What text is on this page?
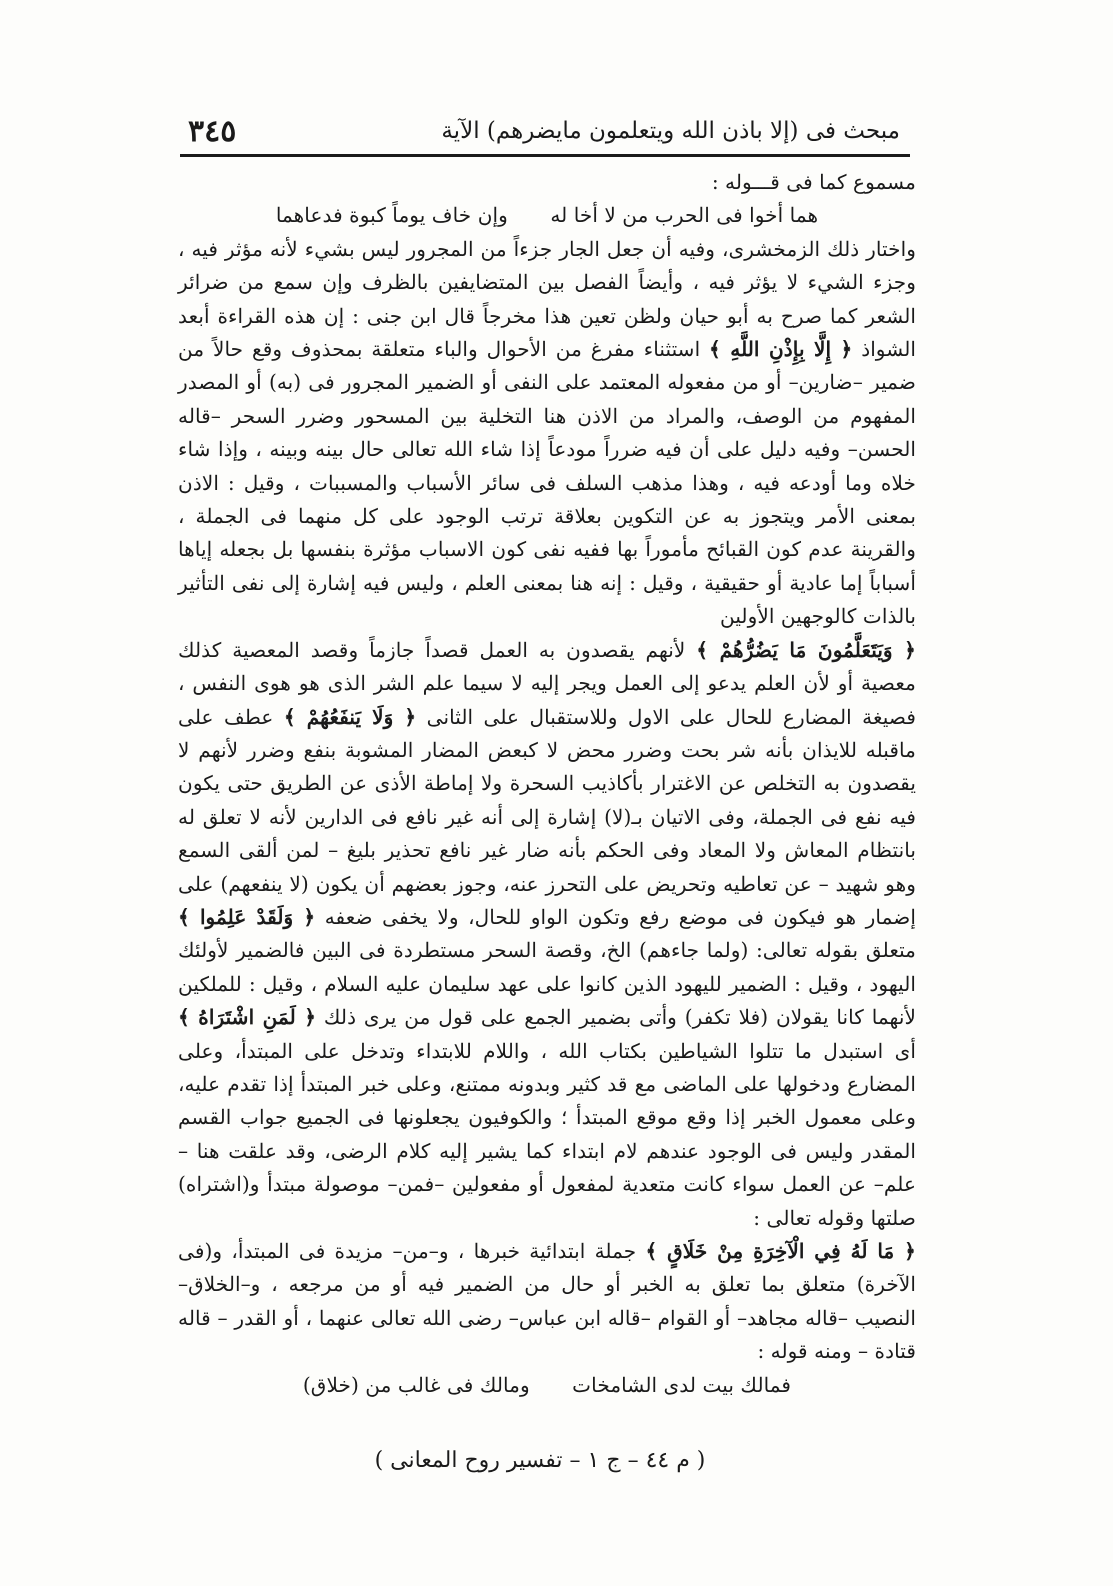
٣٤٥	مبحث فى (إلا باذن الله ويتعلمون مايضرهم) الآية

مسموع كما فى قـــوله :

هما أخوا فى الحرب من لا أخا له وإن خاف يوماً كبوة فدعاهما

واختار ذلك الزمخشرى، وفيه أن جعل الجار جزءاً من المجرور ليس بشيء لأنه مؤثر فيه ، وجزء الشيء لا يؤثر فيه ، وأيضاً الفصل بين المتضايفين بالظرف وإن سمع من ضرائر الشعر كما صرح به أبو حيان ولظن تعين هذا مخرجاً قال ابن جنى : إن هذه القراءة أبعد الشواذ ﴿ إِلَّا بِإِذْنِ اللَّهِ ﴾ استثناء مفرغ من الأحوال والباء متعلقة بمحذوف وقع حالاً من ضمير –ضارين– أو من مفعوله المعتمد على النفى أو الضمير المجرور فى (به) أو المصدر المفهوم من الوصف، والمراد من الاذن هنا التخلية بين المسحور وضرر السحر –قاله الحسن– وفيه دليل على أن فيه ضرراً مودعاً إذا شاء الله تعالى حال بينه وبينه ، وإذا شاء خلاه وما أودعه فيه ، وهذا مذهب السلف فى سائر الأسباب والمسببات ، وقيل : الاذن بمعنى الأمر ويتجوز به عن التكوين بعلاقة ترتب الوجود على كل منهما فى الجملة ، والقرينة عدم كون القبائح مأموراً بها ففيه نفى كون الاسباب مؤثرة بنفسها بل بجعله إياها أسباباً إما عادية أو حقيقية ، وقيل : إنه هنا بمعنى العلم ، وليس فيه إشارة إلى نفى التأثير بالذات كالوجهين الأولين

﴿ وَيَتَعَلَّمُونَ مَا يَضُرُّهُمْ ﴾ لأنهم يقصدون به العمل قصداً جازماً وقصد المعصية كذلك معصية أو لأن العلم يدعو إلى العمل ويجر إليه لا سيما علم الشر الذى هو هوى النفس ، فصيغة المضارع للحال على الاول وللاستقبال على الثانى ﴿ وَلَا يَنفَعُهُمْ ﴾ عطف على ماقبله للايذان بأنه شر بحت وضرر محض لا كبعض المضار المشوبة بنفع وضرر لأنهم لا يقصدون به التخلص عن الاغترار بأكاذيب السحرة ولا إماطة الأذى عن الطريق حتى يكون فيه نفع فى الجملة، وفى الاتيان بـ(لا) إشارة إلى أنه غير نافع فى الدارين لأنه لا تعلق له بانتظام المعاش ولا المعاد وفى الحكم بأنه ضار غير نافع تحذير بليغ – لمن ألقى السمع وهو شهيد – عن تعاطيه وتحريض على التحرز عنه، وجوز بعضهم أن يكون (لا ينفعهم) على إضمار هو فيكون فى موضع رفع وتكون الواو للحال، ولا يخفى ضعفه ﴿ وَلَقَدْ عَلِمُوا ﴾ متعلق بقوله تعالى: (ولما جاءهم) الخ، وقصة السحر مستطردة فى البين فالضمير لأولئك اليهود ، وقيل : الضمير لليهود الذين كانوا على عهد سليمان عليه السلام ، وقيل : للملكين لأنهما كانا يقولان (فلا تكفر) وأتى بضمير الجمع على قول من يرى ذلك ﴿ لَمَنِ اشْتَرَاهُ ﴾ أى استبدل ما تتلوا الشياطين بكتاب الله ، واللام للابتداء وتدخل على المبتدأ، وعلى المضارع ودخولها على الماضى مع قد كثير وبدونه ممتنع، وعلى خبر المبتدأ إذا تقدم عليه، وعلى معمول الخبر إذا وقع موقع المبتدأ ؛ والكوفيون يجعلونها فى الجميع جواب القسم المقدر وليس فى الوجود عندهم لام ابتداء كما يشير إليه كلام الرضى، وقد علقت هنا –علم– عن العمل سواء كانت متعدية لمفعول أو مفعولين –فمن– موصولة مبتدأ و(اشتراه) صلتها وقوله تعالى :

﴿ مَا لَهُ فِي الْآخِرَةِ مِنْ خَلَاقٍ ﴾ جملة ابتدائية خبرها ، و–من– مزيدة فى المبتدأ، و(فى الآخرة) متعلق بما تعلق به الخبر أو حال من الضمير فيه أو من مرجعه ، و–الخلاق– النصيب –قاله مجاهد– أو القوام –قاله ابن عباس– رضى الله تعالى عنهما ، أو القدر – قاله قتادة – ومنه قوله :

فمالك بيت لدى الشامخات ومالك فى غالب من (خلاق)
( م ٤٤ – ج ١ – تفسير روح المعانى )
